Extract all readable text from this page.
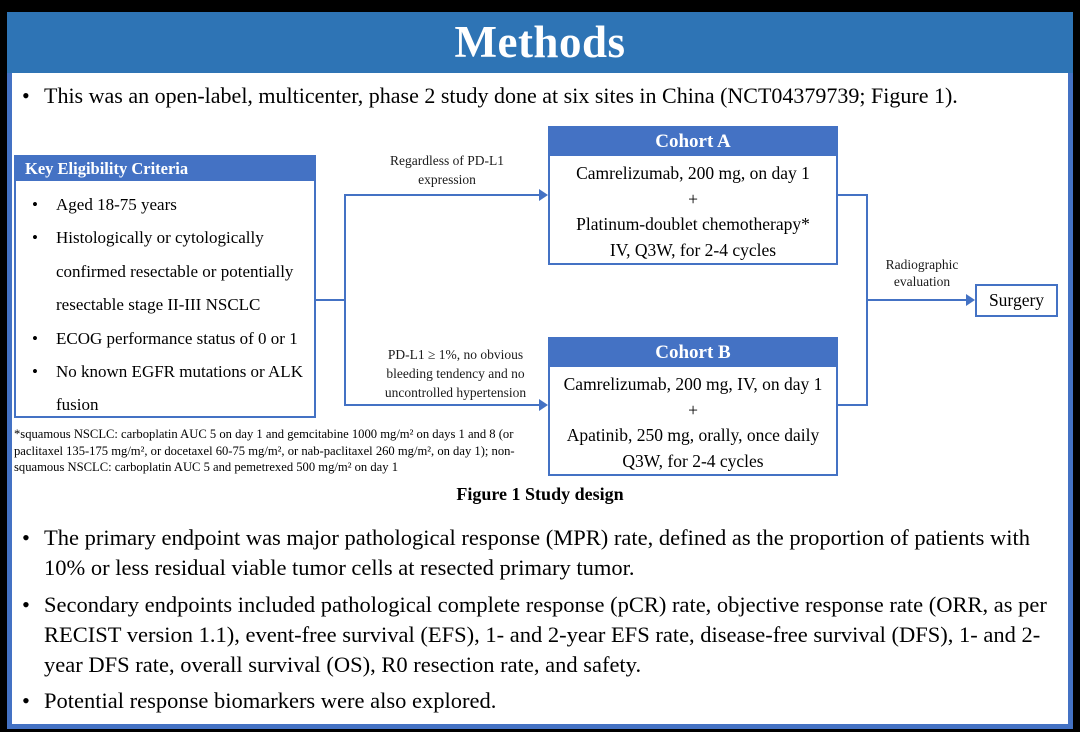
Methods
• This was an open-label, multicenter, phase 2 study done at six sites in China (NCT04379739; Figure 1).
Key Eligibility Criteria
•	Aged 18-75 years
•	Histologically or cytologically confirmed resectable or potentially resectable stage II-III NSCLC
•	ECOG performance status of 0 or 1
•	No known EGFR mutations or ALK fusion
*squamous NSCLC: carboplatin AUC 5 on day 1 and gemcitabine 1000 mg/m² on days 1 and 8 (or paclitaxel 135-175 mg/m², or docetaxel 60-75 mg/m², or nab-paclitaxel 260 mg/m², on day 1); non-squamous NSCLC: carboplatin AUC 5 and pemetrexed 500 mg/m² on day 1
Cohort A
Camrelizumab, 200 mg, on day 1
+
Platinum-doublet chemotherapy*
IV, Q3W, for 2-4 cycles
Cohort B
Camrelizumab, 200 mg, IV, on day 1
+
Apatinib, 250 mg, orally, once daily
Q3W, for 2-4 cycles
Surgery
Regardless of PD-L1 expression
PD-L1 ≥ 1%, no obvious bleeding tendency and no uncontrolled hypertension
Radiographic evaluation
Figure 1 Study design
• The primary endpoint was major pathological response (MPR) rate, defined as the proportion of patients with 10% or less residual viable tumor cells at resected primary tumor.
• Secondary endpoints included pathological complete response (pCR) rate, objective response rate (ORR, as per RECIST version 1.1), event-free survival (EFS), 1- and 2-year EFS rate, disease-free survival (DFS), 1- and 2-year DFS rate, overall survival (OS), R0 resection rate, and safety.
• Potential response biomarkers were also explored.
